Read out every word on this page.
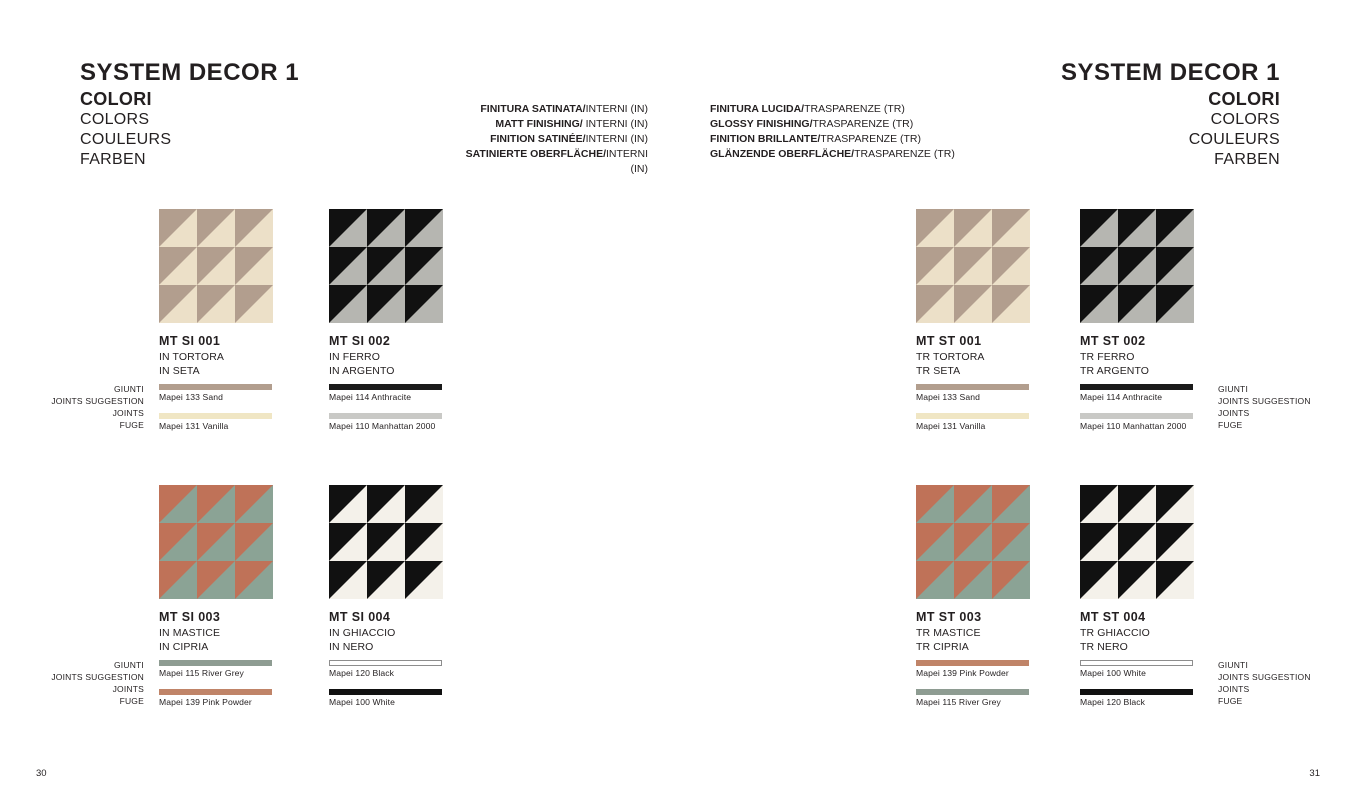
SYSTEM DECOR 1

COLORI

COLORS

COULEURS

FARBEN

SYSTEM DECOR 1

COLORI

COLORS

COULEURS

FARBEN

FINITURA SATINATA/INTERNI (IN)
MATT FINISHING/ INTERNI (IN)
FINITION SATINÉE/INTERNI (IN)
SATINIERTE OBERFLÄCHE/INTERNI (IN)
FINITURA LUCIDA/TRASPARENZE (TR)
GLOSSY FINISHING/TRASPARENZE (TR)
FINITION BRILLANTE/TRASPARENZE (TR)
GLÄNZENDE OBERFLÄCHE/TRASPARENZE (TR)

MT SI 001

IN TORTORA

IN SETA

Mapei 133 Sand

Mapei 131 Vanilla

MT SI 002

IN FERRO

IN ARGENTO

Mapei 114 Anthracite

Mapei 110 Manhattan 2000

MT SI 003

IN MASTICE

IN CIPRIA

Mapei 115 River Grey

Mapei 139 Pink Powder

MT SI 004

IN GHIACCIO

IN NERO

Mapei 120 Black

Mapei 100 White

MT ST 001

TR TORTORA

TR SETA

Mapei 133 Sand

Mapei 131 Vanilla

MT ST 002

TR FERRO

TR ARGENTO

Mapei 114 Anthracite

Mapei 110 Manhattan 2000

MT ST 003

TR MASTICE

TR CIPRIA

Mapei 139 Pink Powder

Mapei 115 River Grey

MT ST 004

TR GHIACCIO

TR NERO

Mapei 100 White

Mapei 120 Black

GIUNTI
JOINTS SUGGESTION
JOINTS
FUGE
GIUNTI
JOINTS SUGGESTION
JOINTS
FUGE
GIUNTI
JOINTS SUGGESTION
JOINTS
FUGE
GIUNTI
JOINTS SUGGESTION
JOINTS
FUGE
30	31
